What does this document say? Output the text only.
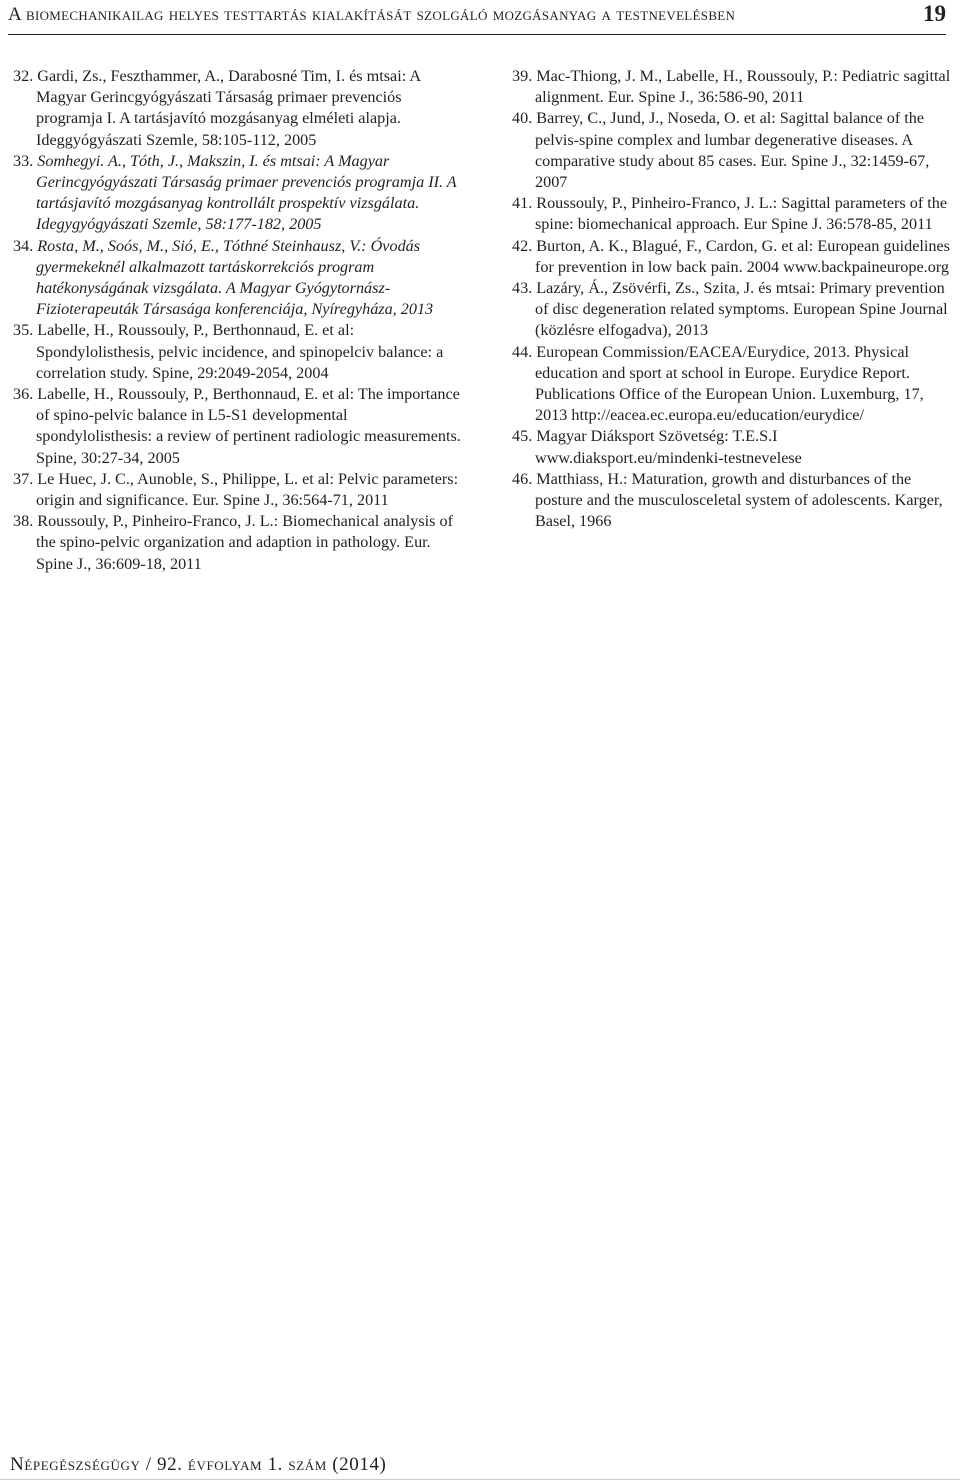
A biomechanikailag helyes testtartás kialakítását szolgáló mozgásanyag a testnevelésben	19

32. Gardi, Zs., Feszthammer, A., Darabosné Tim, I. és mtsai: A Magyar Gerincgyógyászati Társaság primaer prevenciós programja I. A tartásjavító mozgásanyag elméleti alapja. Ideggyógyászati Szemle, 58:105-112, 2005

33. Somhegyi. A., Tóth, J., Makszin, I. és mtsai: A Magyar Gerincgyógyászati Társaság primaer prevenciós programja II. A tartásjavító mozgásanyag kontrollált prospektív vizsgálata. Idegygyógyászati Szemle, 58:177-182, 2005

34. Rosta, M., Soós, M., Sió, E., Tóthné Steinhausz, V.: Óvodás gyermekeknél alkalmazott tartáskorrekciós program hatékonyságának vizsgálata. A Magyar Gyógytornász-Fizioterapeuták Társasága konferenciája, Nyíregyháza, 2013

35. Labelle, H., Roussouly, P., Berthonnaud, E. et al: Spondylolisthesis, pelvic incidence, and spinopelciv balance: a correlation study. Spine, 29:2049-2054, 2004

36. Labelle, H., Roussouly, P., Berthonnaud, E. et al: The importance of spino-pelvic balance in L5-S1 developmental spondylolisthesis: a review of pertinent radiologic measurements. Spine, 30:27-34, 2005

37. Le Huec, J. C., Aunoble, S., Philippe, L. et al: Pelvic parameters: origin and significance. Eur. Spine J., 36:564-71, 2011

38. Roussouly, P., Pinheiro-Franco, J. L.: Biomechanical analysis of the spino-pelvic organization and adaption in pathology. Eur. Spine J., 36:609-18, 2011

39. Mac-Thiong, J. M., Labelle, H., Roussouly, P.: Pediatric sagittal alignment. Eur. Spine J., 36:586-90, 2011

40. Barrey, C., Jund, J., Noseda, O. et al: Sagittal balance of the pelvis-spine complex and lumbar degenerative diseases. A comparative study about 85 cases. Eur. Spine J., 32:1459-67, 2007

41. Roussouly, P., Pinheiro-Franco, J. L.: Sagittal parameters of the spine: biomechanical approach. Eur Spine J. 36:578-85, 2011

42. Burton, A. K., Blagué, F., Cardon, G. et al: European guidelines for prevention in low back pain. 2004 www.backpaineurope.org

43. Lazáry, Á., Zsövérfi, Zs., Szita, J. és mtsai: Primary prevention of disc degeneration related symptoms. European Spine Journal (közlésre elfogadva), 2013

44. European Commission/EACEA/Eurydice, 2013. Physical education and sport at school in Europe. Eurydice Report. Publications Office of the European Union. Luxemburg, 17, 2013 http://eacea.ec.europa.eu/education/eurydice/

45. Magyar Diáksport Szövetség: T.E.S.I www.diaksport.eu/mindenki-testnevelese

46. Matthiass, H.: Maturation, growth and disturbances of the posture and the musculosceletal system of adolescents. Karger, Basel, 1966

Népegészségügy / 92. évfolyam 1. szám (2014)
